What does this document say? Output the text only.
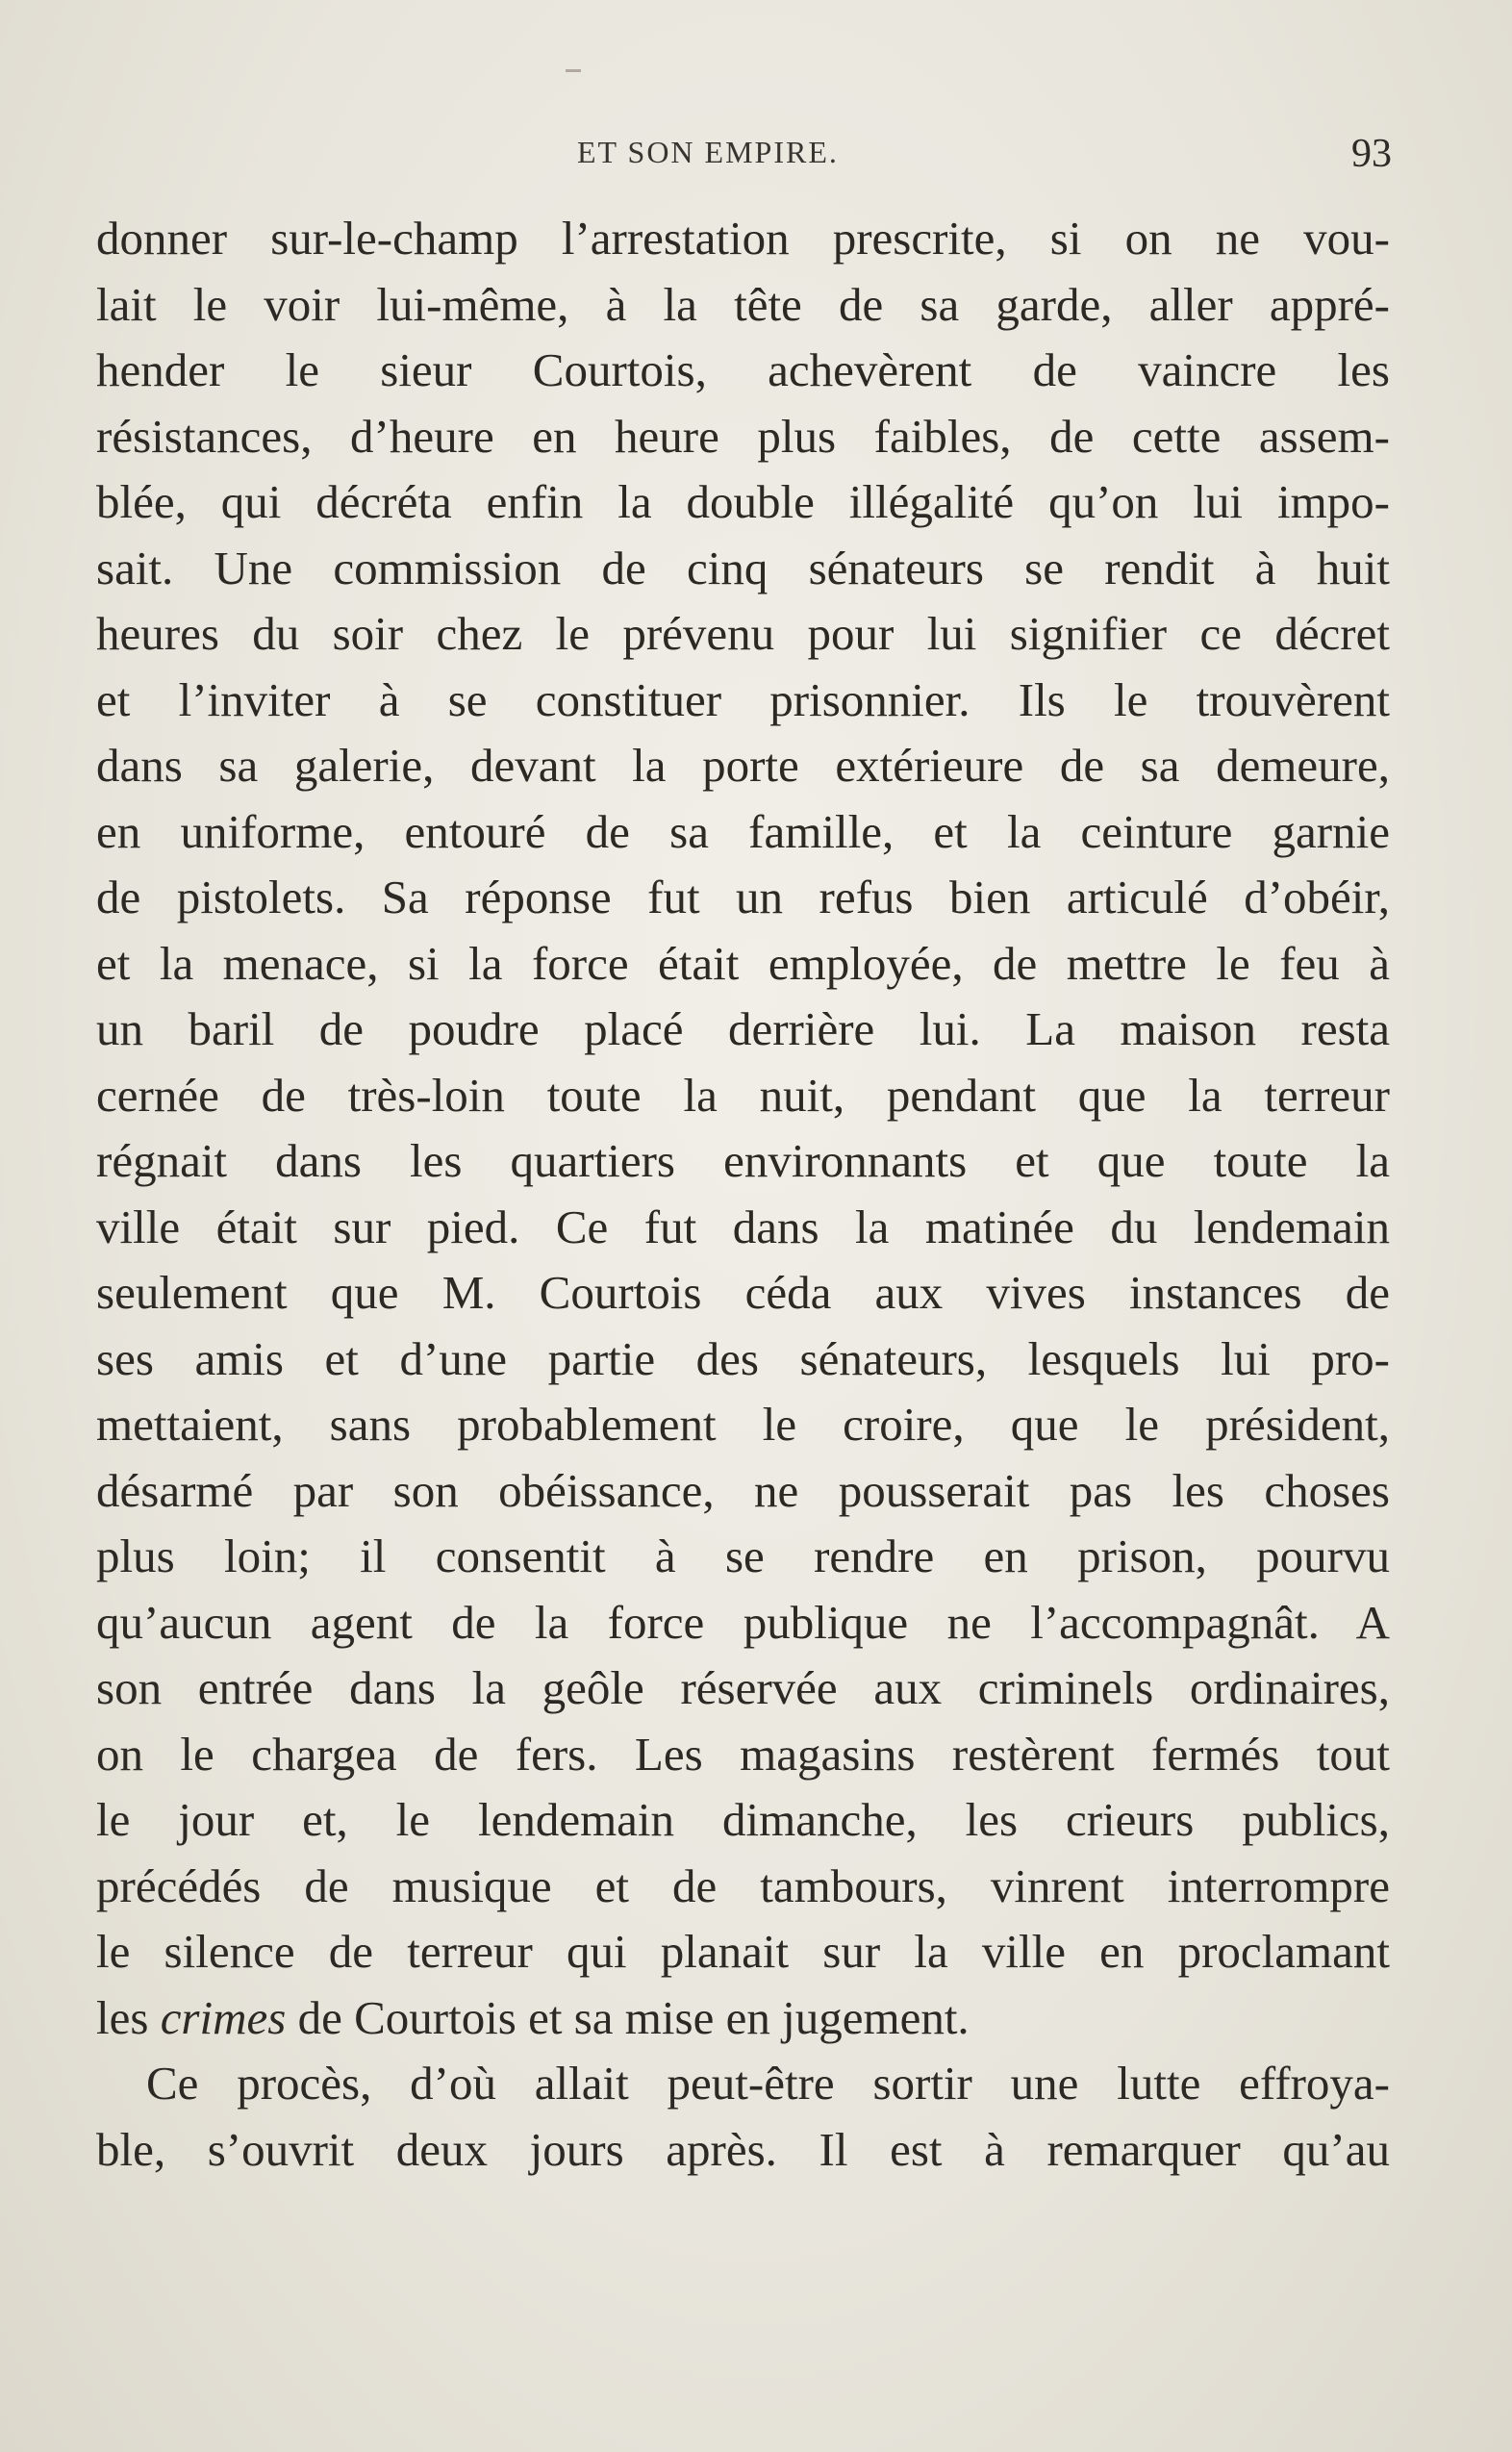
ET SON EMPIRE.	93
donner sur-le-champ l’arrestation prescrite, si on ne vou-
lait le voir lui-même, à la tête de sa garde, aller appré-
hender le sieur Courtois, achevèrent de vaincre les
résistances, d’heure en heure plus faibles, de cette assem-
blée, qui décréta enfin la double illégalité qu’on lui impo-
sait. Une commission de cinq sénateurs se rendit à huit
heures du soir chez le prévenu pour lui signifier ce décret
et l’inviter à se constituer prisonnier. Ils le trouvèrent
dans sa galerie, devant la porte extérieure de sa demeure,
en uniforme, entouré de sa famille, et la ceinture garnie
de pistolets. Sa réponse fut un refus bien articulé d’obéir,
et la menace, si la force était employée, de mettre le feu à
un baril de poudre placé derrière lui. La maison resta
cernée de très-loin toute la nuit, pendant que la terreur
régnait dans les quartiers environnants et que toute la
ville était sur pied. Ce fut dans la matinée du lendemain
seulement que M. Courtois céda aux vives instances de
ses amis et d’une partie des sénateurs, lesquels lui pro-
mettaient, sans probablement le croire, que le président,
désarmé par son obéissance, ne pousserait pas les choses
plus loin; il consentit à se rendre en prison, pourvu
qu’aucun agent de la force publique ne l’accompagnât. A
son entrée dans la geôle réservée aux criminels ordinaires,
on le chargea de fers. Les magasins restèrent fermés tout
le jour et, le lendemain dimanche, les crieurs publics,
précédés de musique et de tambours, vinrent interrompre
le silence de terreur qui planait sur la ville en proclamant
les crimes de Courtois et sa mise en jugement.
Ce procès, d’où allait peut-être sortir une lutte effroya-
ble, s’ouvrit deux jours après. Il est à remarquer qu’au
